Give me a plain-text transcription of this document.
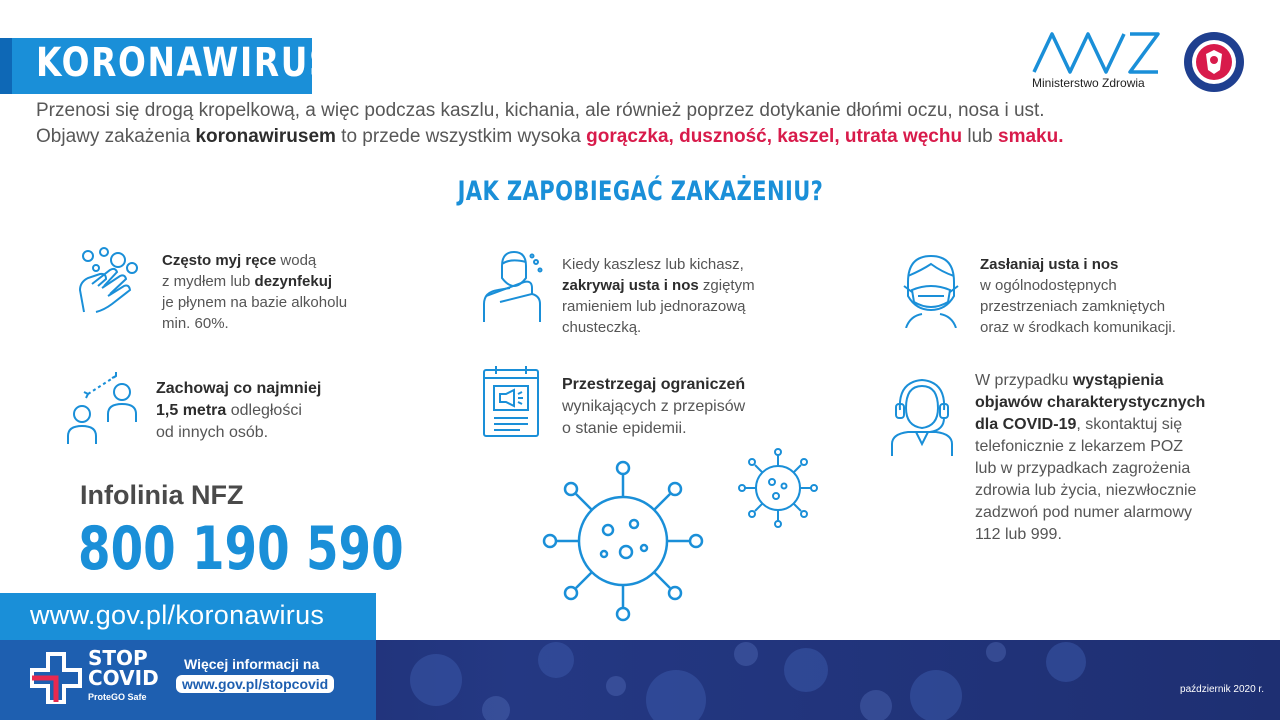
KORONAWIRUS	Ministerstwo Zdrowia
Przenosi się drogą kropelkową, a więc podczas kaszlu, kichania, ale również poprzez dotykanie dłońmi oczu, nosa i ust.
Objawy zakażenia koronawirusem to przede wszystkim wysoka gorączka, duszność, kaszel, utrata węchu lub smaku.
JAK ZAPOBIEGAĆ ZAKAŻENIU?
Często myj ręce wodą
z mydłem lub dezynfekuj
je płynem na bazie alkoholu
min. 60%.
Kiedy kaszlesz lub kichasz,
zakrywaj usta i nos zgiętym
ramieniem lub jednorazową
chusteczką.
Zasłaniaj usta i nos
w ogólnodostępnych
przestrzeniach zamkniętych
oraz w środkach komunikacji.
Zachowaj co najmniej
1,5 metra odległości
od innych osób.
Przestrzegaj ograniczeń
wynikających z przepisów
o stanie epidemii.
W przypadku wystąpienia
objawów charakterystycznych
dla COVID-19, skontaktuj się
telefonicznie z lekarzem POZ
lub w przypadkach zagrożenia
zdrowia lub życia, niezwłocznie
zadzwoń pod numer alarmowy
112 lub 999.
Infolinia NFZ
800 190 590
www.gov.pl/koronawirus
STOP
COVID
ProteGO Safe
Więcej informacji na
www.gov.pl/stopcovid	październik 2020 r.
